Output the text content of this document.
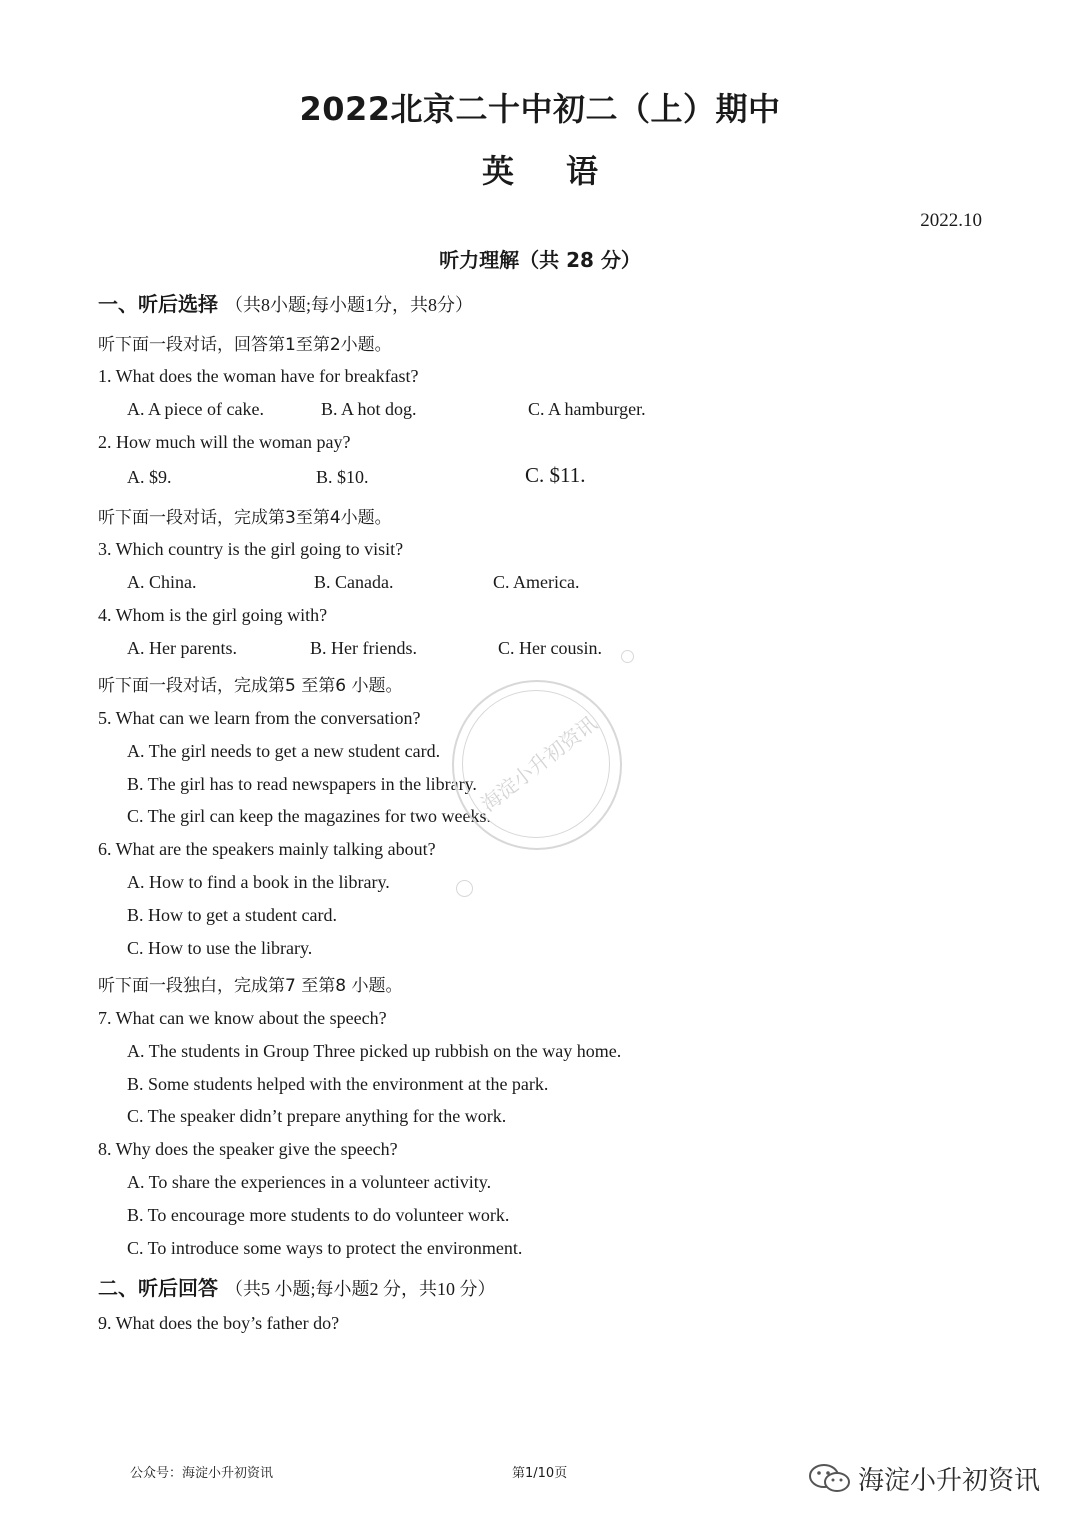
2022北京二十中初二（上）期中
英语
2022.10
听力理解（共 28 分）
一、听后选择 （共8小题;每小题1分，共8分）
听下面一段对话，回答第1至第2小题。
1. What does the woman have for breakfast?
A. A piece of cake.	B. A hot dog.	C. A hamburger.
2. How much will the woman pay?
A. $9.	B. $10.	C. $11.
听下面一段对话，完成第3至第4小题。
3. Which country is the girl going to visit?
A. China.	B. Canada.	C. America.
4. Whom is the girl going with?
A. Her parents.	B. Her friends.	C. Her cousin.
听下面一段对话，完成第5 至第6 小题。
5. What can we learn from the conversation?
A. The girl needs to get a new student card.
B. The girl has to read newspapers in the library.
C. The girl can keep the magazines for two weeks.
6. What are the speakers mainly talking about?
A. How to find a book in the library.
B. How to get a student card.
C. How to use the library.
听下面一段独白，完成第7 至第8 小题。
7. What can we know about the speech?
A. The students in Group Three picked up rubbish on the way home.
B. Some students helped with the environment at the park.
C. The speaker didn’t prepare anything for the work.
8. Why does the speaker give the speech?
A. To share the experiences in a volunteer activity.
B. To encourage more students to do volunteer work.
C. To introduce some ways to protect the environment.
二、听后回答 （共5 小题;每小题2 分，共10 分）
9. What does the boy’s father do?
海淀小升初资讯
公众号：海淀小升初资讯	第1/10页	海淀小升初资讯
